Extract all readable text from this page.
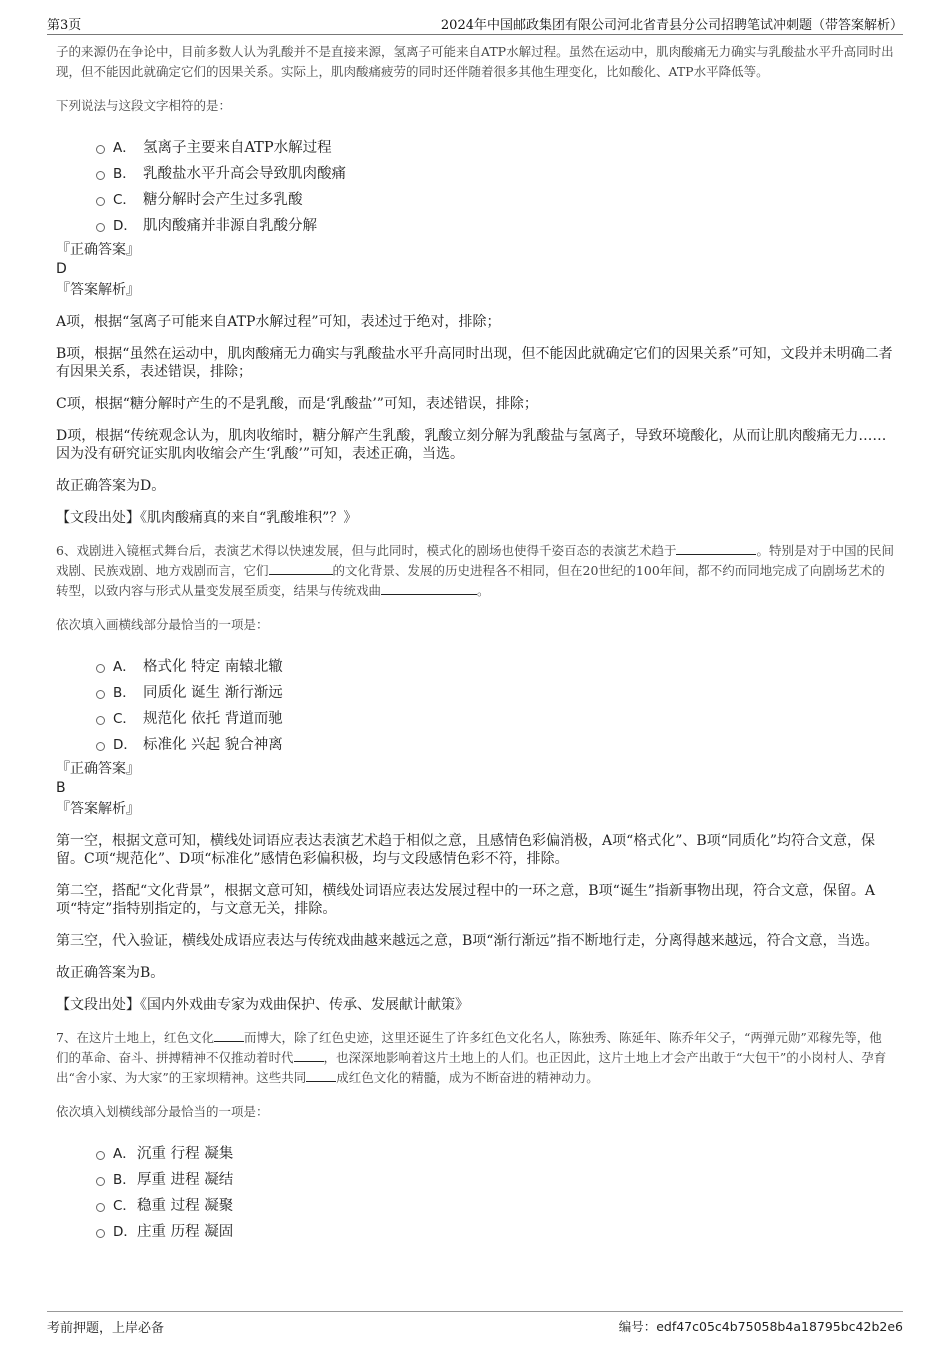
第3页	2024年中国邮政集团有限公司河北省青县分公司招聘笔试冲刺题（带答案解析）

子的来源仍在争论中，目前多数人认为乳酸并不是直接来源，氢离子可能来自ATP水解过程。虽然在运动中，肌肉酸痛无力确实与乳酸盐水平升高同时出现，但不能因此就确定它们的因果关系。实际上，肌肉酸痛疲劳的同时还伴随着很多其他生理变化，比如酸化、ATP水平降低等。

下列说法与这段文字相符的是：

A． 氢离子主要来自ATP水解过程
B． 乳酸盐水平升高会导致肌肉酸痛
C． 糖分解时会产生过多乳酸
D． 肌肉酸痛并非源自乳酸分解
『正确答案』
D
『答案解析』

A项，根据“氢离子可能来自ATP水解过程”可知，表述过于绝对，排除；

B项，根据“虽然在运动中，肌肉酸痛无力确实与乳酸盐水平升高同时出现，但不能因此就确定它们的因果关系”可知，文段并未明确二者有因果关系，表述错误，排除；

C项，根据“糖分解时产生的不是乳酸，而是‘乳酸盐’”可知，表述错误，排除；

D项，根据“传统观念认为，肌肉收缩时，糖分解产生乳酸，乳酸立刻分解为乳酸盐与氢离子，导致环境酸化，从而让肌肉酸痛无力……因为没有研究证实肌肉收缩会产生‘乳酸’”可知，表述正确，当选。

故正确答案为D。

【文段出处】《肌肉酸痛真的来自“乳酸堆积”？》

6、戏剧进入镜框式舞台后，表演艺术得以快速发展，但与此同时，模式化的剧场也使得千姿百态的表演艺术趋于	。特别是对于中国的民间戏剧、民族戏剧、地方戏剧而言，它们	的文化背景、发展的历史进程各不相同，但在20世纪的100年间，都不约而同地完成了向剧场艺术的转型，以致内容与形式从量变发展至质变，结果与传统戏曲	。

依次填入画横线部分最恰当的一项是：

A． 格式化 特定 南辕北辙
B． 同质化 诞生 渐行渐远
C． 规范化 依托 背道而驰
D． 标准化 兴起 貌合神离
『正确答案』
B
『答案解析』

第一空，根据文意可知，横线处词语应表达表演艺术趋于相似之意，且感情色彩偏消极，A项“格式化”、B项“同质化”均符合文意，保留。C项“规范化”、D项“标准化”感情色彩偏积极，均与文段感情色彩不符，排除。

第二空，搭配“文化背景”，根据文意可知，横线处词语应表达发展过程中的一环之意，B项“诞生”指新事物出现，符合文意，保留。A项“特定”指特别指定的，与文意无关，排除。

第三空，代入验证，横线处成语应表达与传统戏曲越来越远之意，B项“渐行渐远”指不断地行走，分离得越来越远，符合文意，当选。

故正确答案为B。

【文段出处】《国内外戏曲专家为戏曲保护、传承、发展献计献策》

7、在这片土地上，红色文化 而博大，除了红色史迹，这里还诞生了许多红色文化名人，陈独秀、陈延年、陈乔年父子，“两弹元勋”邓稼先等，他们的革命、奋斗、拼搏精神不仅推动着时代 ，也深深地影响着这片土地上的人们。也正因此，这片土地上才会产出敢于“大包干”的小岗村人、孕育出“舍小家、为大家”的王家坝精神。这些共同 成红色文化的精髓，成为不断奋进的精神动力。

依次填入划横线部分最恰当的一项是：

A． 沉重 行程 凝集
B． 厚重 进程 凝结
C． 稳重 过程 凝聚
D． 庄重 历程 凝固
考前押题，上岸必备	编号：edf47c05c4b75058b4a18795bc42b2e6
